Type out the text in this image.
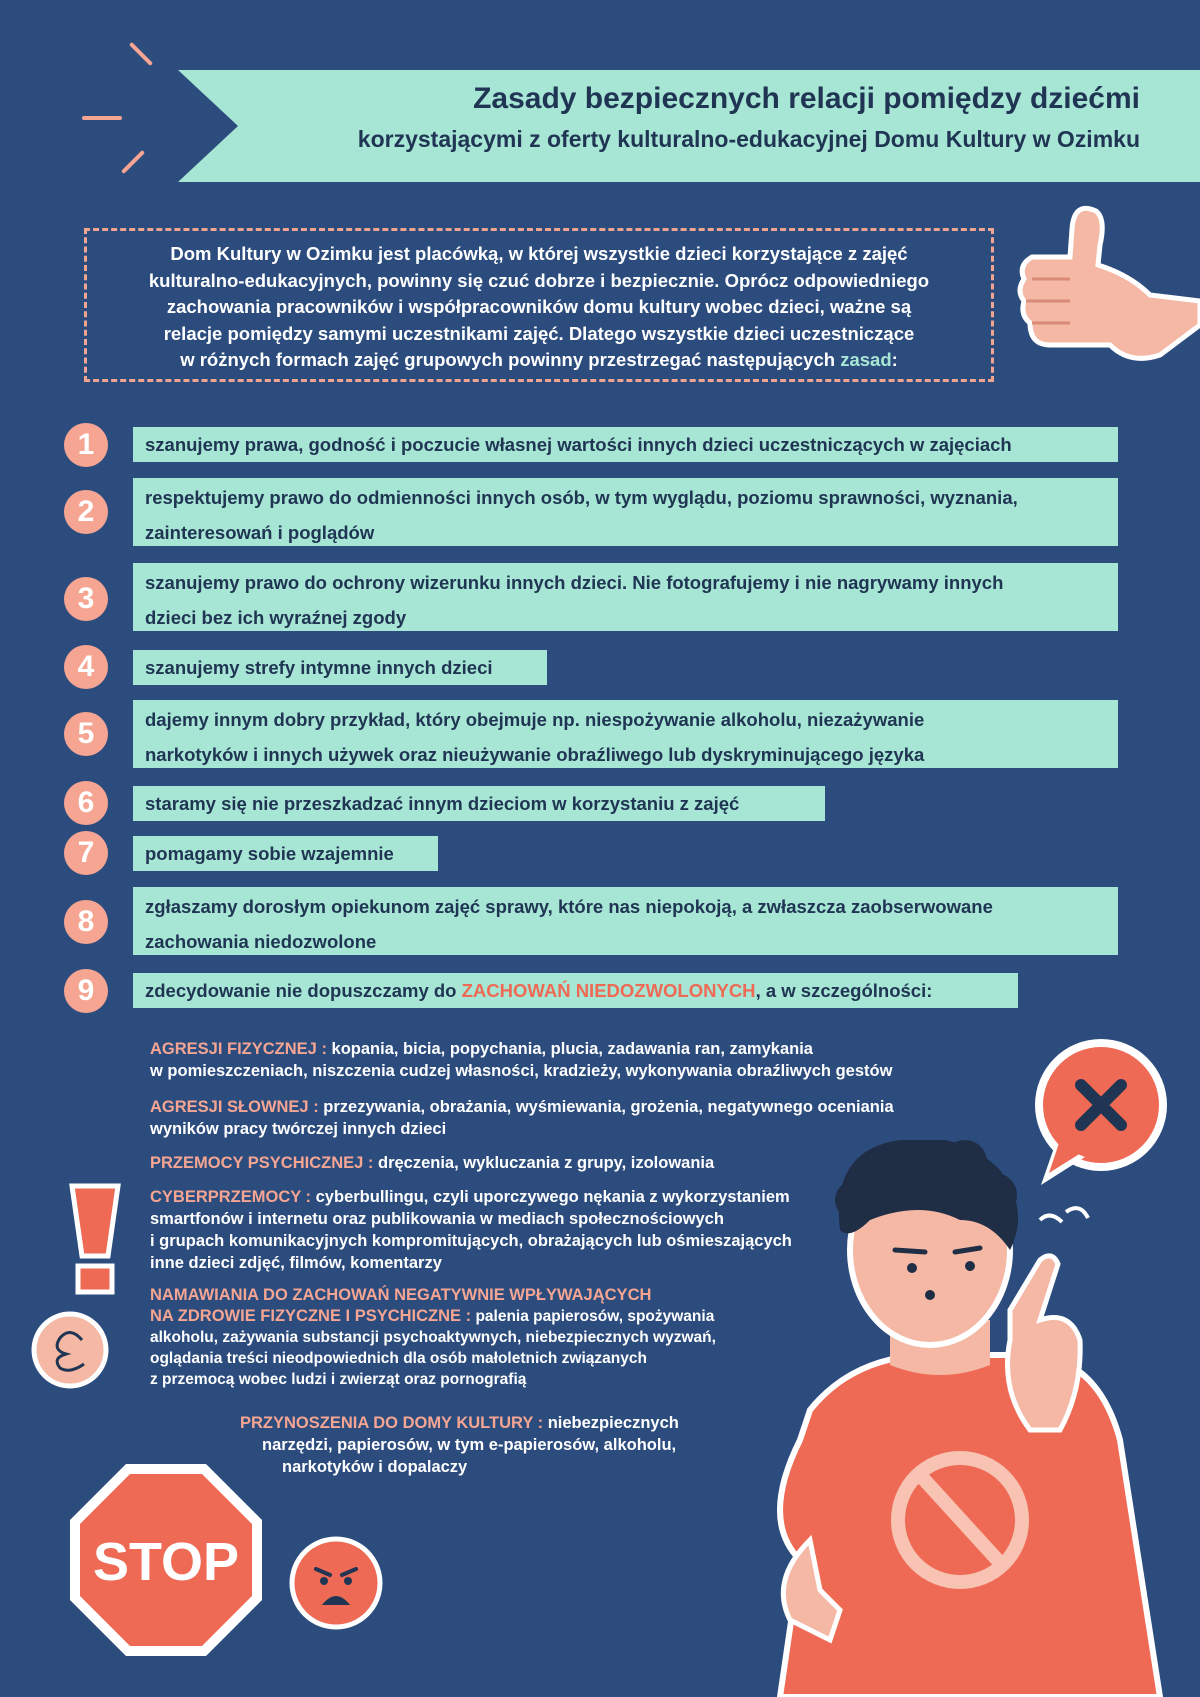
Zasady bezpiecznych relacji pomiędzy dziećmi
korzystającymi z oferty kulturalno-edukacyjnej Domu Kultury w Ozimku
Dom Kultury w Ozimku jest placówką, w której wszystkie dzieci korzystające z zajęć
kulturalno-edukacyjnych, powinny się czuć dobrze i bezpiecznie. Oprócz odpowiedniego
zachowania pracowników i współpracowników domu kultury wobec dzieci, ważne są
relacje pomiędzy samymi uczestnikami zajęć. Dlatego wszystkie dzieci uczestniczące
w różnych formach zajęć grupowych powinny przestrzegać następujących zasad:
1	szanujemy prawa, godność i poczucie własnej wartości innych dzieci uczestniczących w zajęciach
2	respektujemy prawo do odmienności innych osób, w tym wyglądu, poziomu sprawności, wyznania,
zainteresowań i poglądów
3	szanujemy prawo do ochrony wizerunku innych dzieci. Nie fotografujemy i nie nagrywamy innych
dzieci bez ich wyraźnej zgody
4	szanujemy strefy intymne innych dzieci
5	dajemy innym dobry przykład, który obejmuje np. niespożywanie alkoholu, niezażywanie
narkotyków i innych używek oraz nieużywanie obraźliwego lub dyskryminującego języka
6	staramy się nie przeszkadzać innym dzieciom w korzystaniu z zajęć
7	pomagamy sobie wzajemnie
8	zgłaszamy dorosłym opiekunom zajęć sprawy, które nas niepokoją, a zwłaszcza zaobserwowane
zachowania niedozwolone
9	zdecydowanie nie dopuszczamy do ZACHOWAŃ NIEDOZWOLONYCH, a w szczególności:
AGRESJI FIZYCZNEJ : kopania, bicia, popychania, plucia, zadawania ran, zamykania
w pomieszczeniach, niszczenia cudzej własności, kradzieży, wykonywania obraźliwych gestów
AGRESJI SŁOWNEJ : przezywania, obrażania, wyśmiewania, grożenia, negatywnego oceniania
wyników pracy twórczej innych dzieci
PRZEMOCY PSYCHICZNEJ : dręczenia, wykluczania z grupy, izolowania
CYBERPRZEMOCY : cyberbullingu, czyli uporczywego nękania z wykorzystaniem
smartfonów i internetu oraz publikowania w mediach społecznościowych
i grupach komunikacyjnych kompromitujących, obrażających lub ośmieszających
inne dzieci zdjęć, filmów, komentarzy
NAMAWIANIA DO ZACHOWAŃ NEGATYWNIE WPŁYWAJĄCYCH
NA ZDROWIE FIZYCZNE I PSYCHICZNE : palenia papierosów, spożywania
alkoholu, zażywania substancji psychoaktywnych, niebezpiecznych wyzwań,
oglądania treści nieodpowiednich dla osób małoletnich związanych
z przemocą wobec ludzi i zwierząt oraz pornografią
PRZYNOSZENIA DO DOMY KULTURY : niebezpiecznych
narzędzi, papierosów, w tym e-papierosów, alkoholu,
narkotyków i dopalaczy
STOP
